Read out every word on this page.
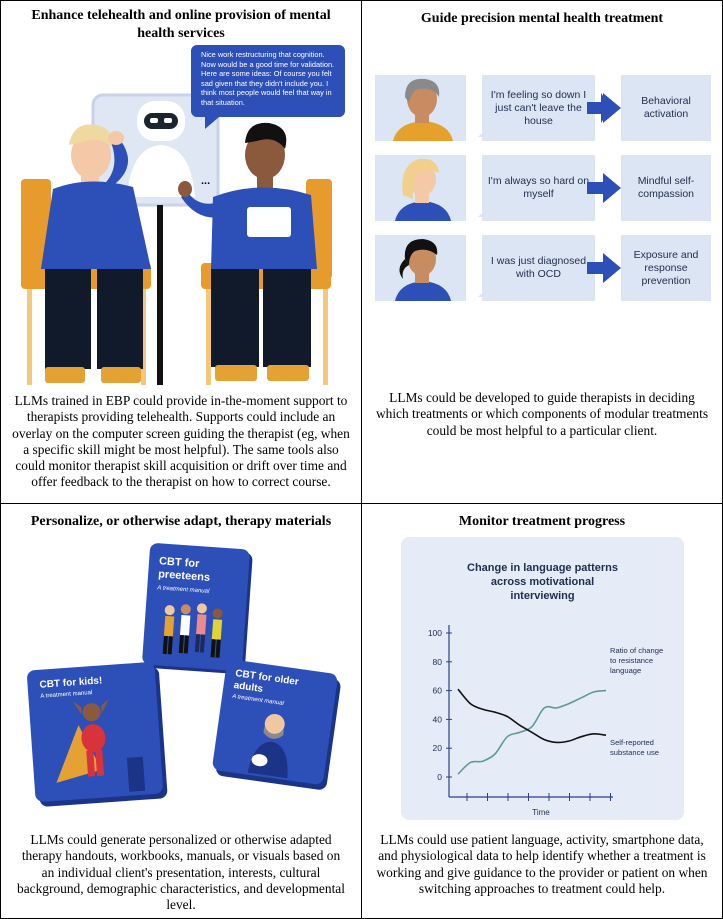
Enhance telehealth and online provision of mental health services
Nice work restructuring that cognition. Now would be a good time for validation. Here are some ideas: Of course you felt sad given that they didn't include you. I think most people would feel that way in that situation.
...
LLMs trained in EBP could provide in-the-moment support to therapists providing telehealth. Supports could include an overlay on the computer screen guiding the therapist (eg, when a specific skill might be most helpful). The same tools also could monitor therapist skill acquisition or drift over time and offer feedback to the therapist on how to correct course.
Guide precision mental health treatment
I'm feeling so down I just can't leave the house
Behavioral activation
I'm always so hard on myself
Mindful self-compassion
I was just diagnosed with OCD
Exposure and response prevention
LLMs could be developed to guide therapists in deciding which treatments or which components of modular treatments could be most helpful to a particular client.
Personalize, or otherwise adapt, therapy materials
CBT for preeteens
A treatment manual
CBT for kids!
A treatment manual
CBT for older adults
A treatment manual
LLMs could generate personalized or otherwise adapted therapy handouts, workbooks, manuals, or visuals based on an individual client's presentation, interests, cultural background, demographic characteristics, and developmental level.
Monitor treatment progress
Change in language patterns across motivational interviewing
0
20
40
60
80
100
Time
Ratio of change to resistance language
Self-reported substance use
LLMs could use patient language, activity, smartphone data, and physiological data to help identify whether a treatment is working and give guidance to the provider or patient on when switching approaches to treatment could help.
